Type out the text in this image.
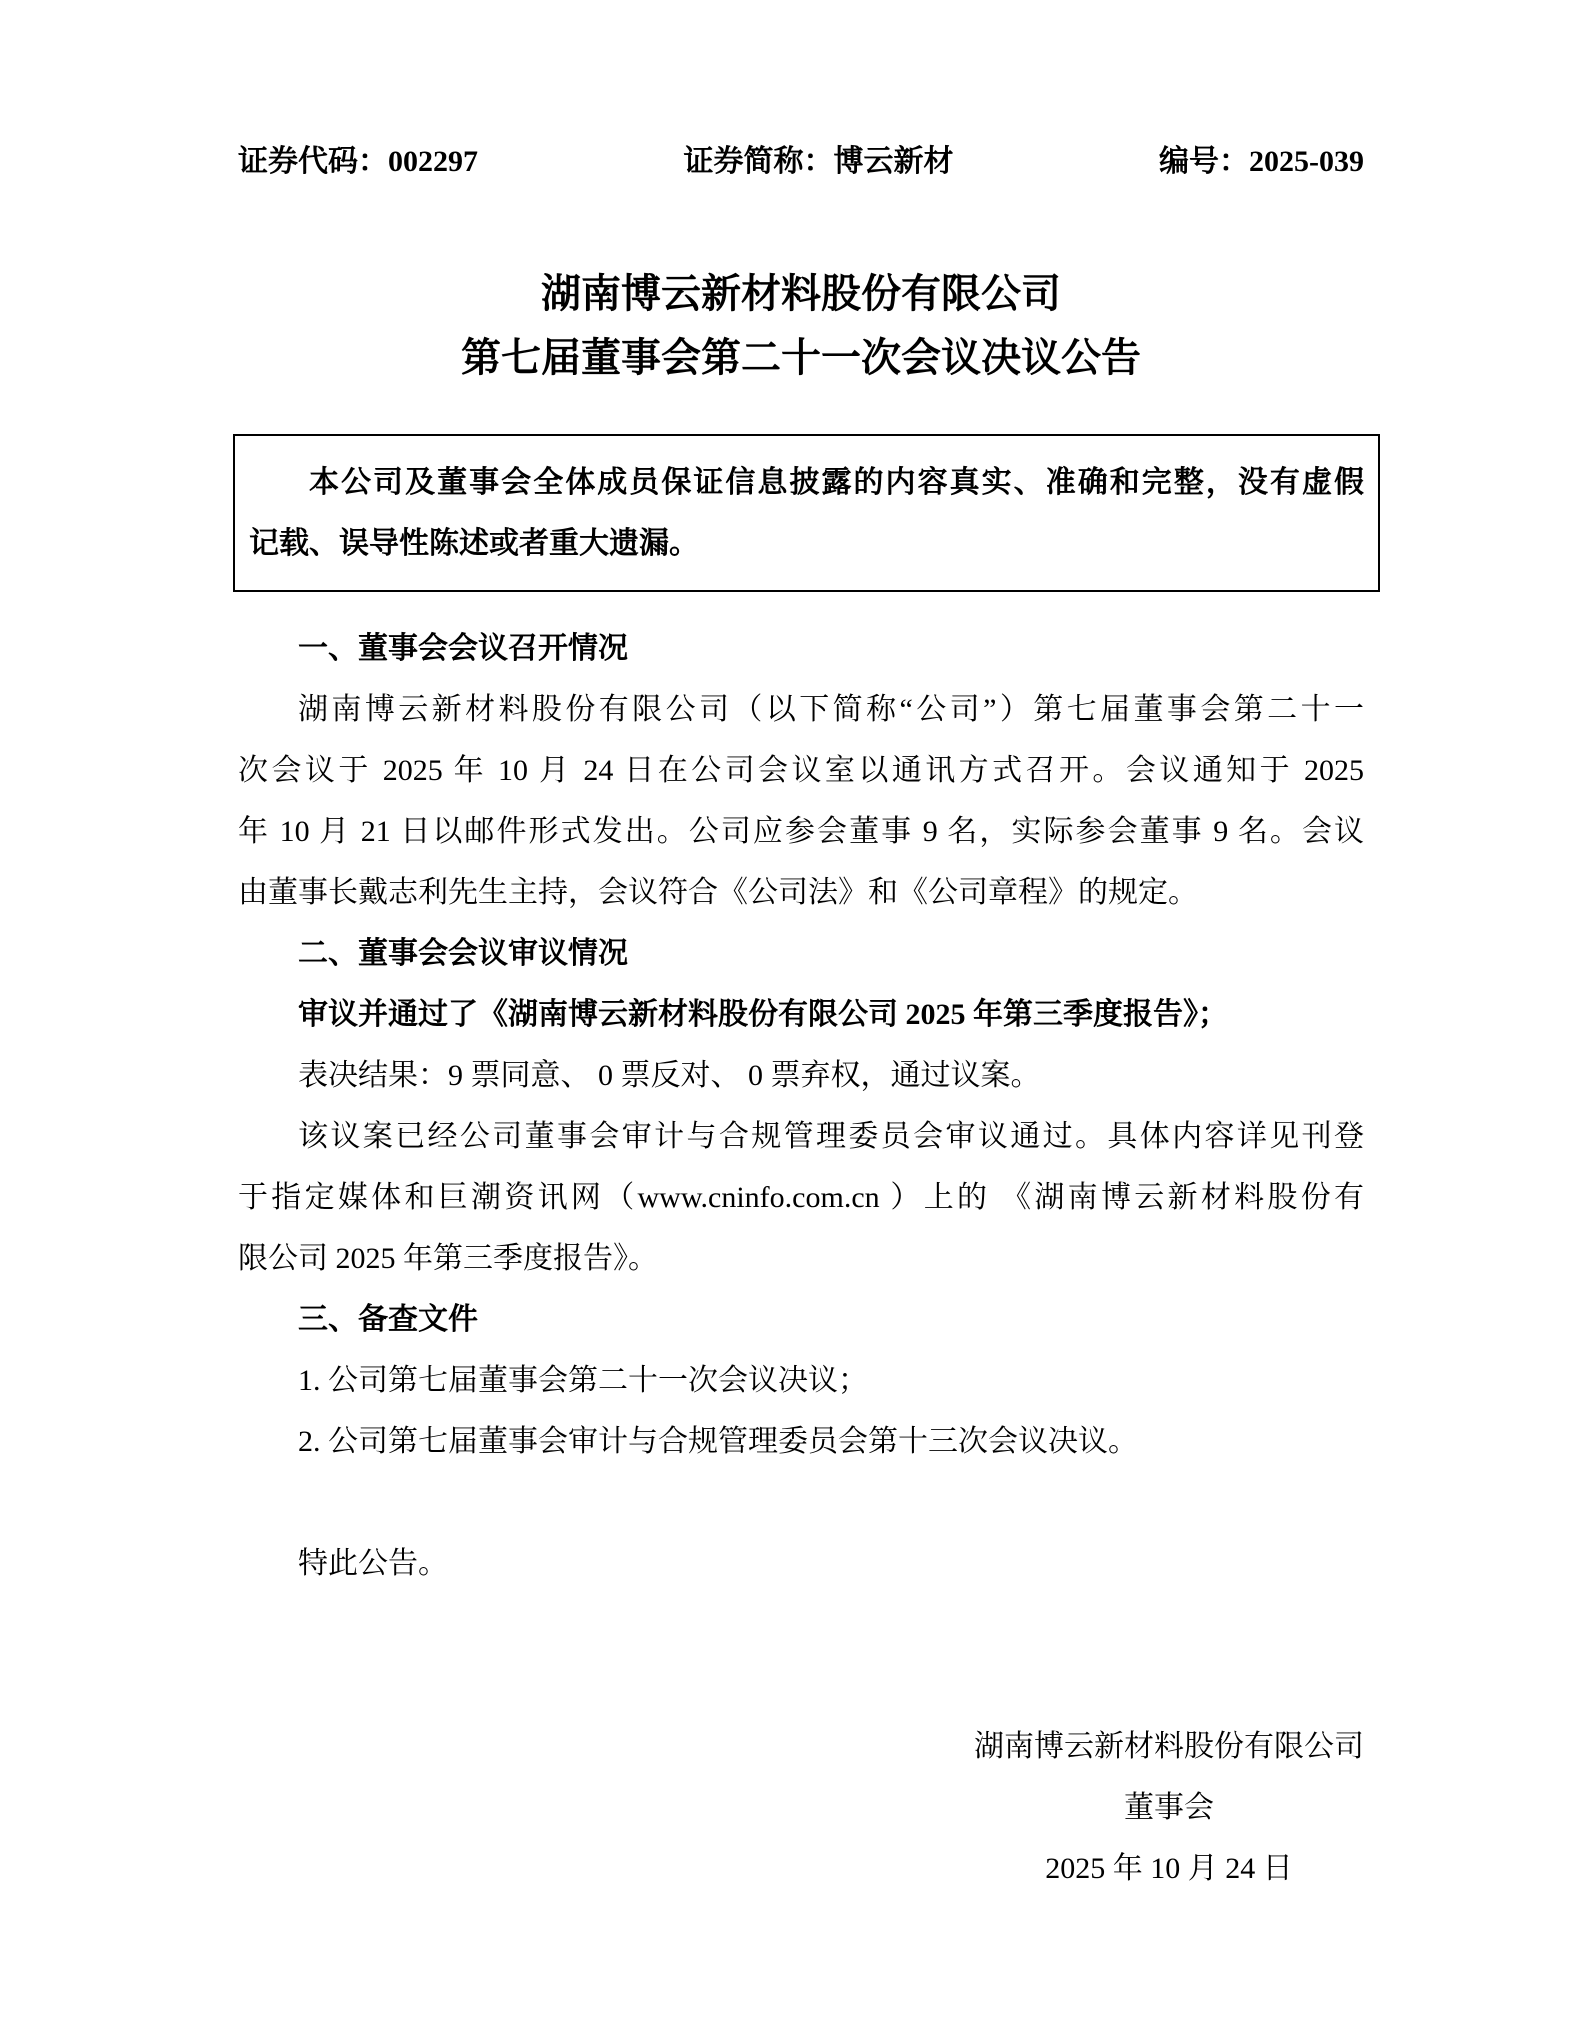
证券代码：002297	证券简称：博云新材	编号：2025-039
湖南博云新材料股份有限公司
第七届董事会第二十一次会议决议公告
本公司及董事会全体成员保证信息披露的内容真实、准确和完整，没有虚假
记载、误导性陈述或者重大遗漏。
一、董事会会议召开情况
湖南博云新材料股份有限公司（以下简称“公司”）第七届董事会第二十一
次会议于 2025 年 10 月 24 日在公司会议室以通讯方式召开。会议通知于 2025
年 10 月 21 日以邮件形式发出。公司应参会董事 9 名，实际参会董事 9 名。会议
由董事长戴志利先生主持，会议符合《公司法》和《公司章程》的规定。
二、董事会会议审议情况
审议并通过了《湖南博云新材料股份有限公司 2025 年第三季度报告》；
表决结果：9 票同意、 0 票反对、 0 票弃权，通过议案。
该议案已经公司董事会审计与合规管理委员会审议通过。具体内容详见刊登
于指定媒体和巨潮资讯网（www.cninfo.com.cn ）上的 《湖南博云新材料股份有
限公司 2025 年第三季度报告》。
三、备查文件
1. 公司第七届董事会第二十一次会议决议；
2. 公司第七届董事会审计与合规管理委员会第十三次会议决议。
特此公告。
湖南博云新材料股份有限公司
董事会
2025 年 10 月 24 日
